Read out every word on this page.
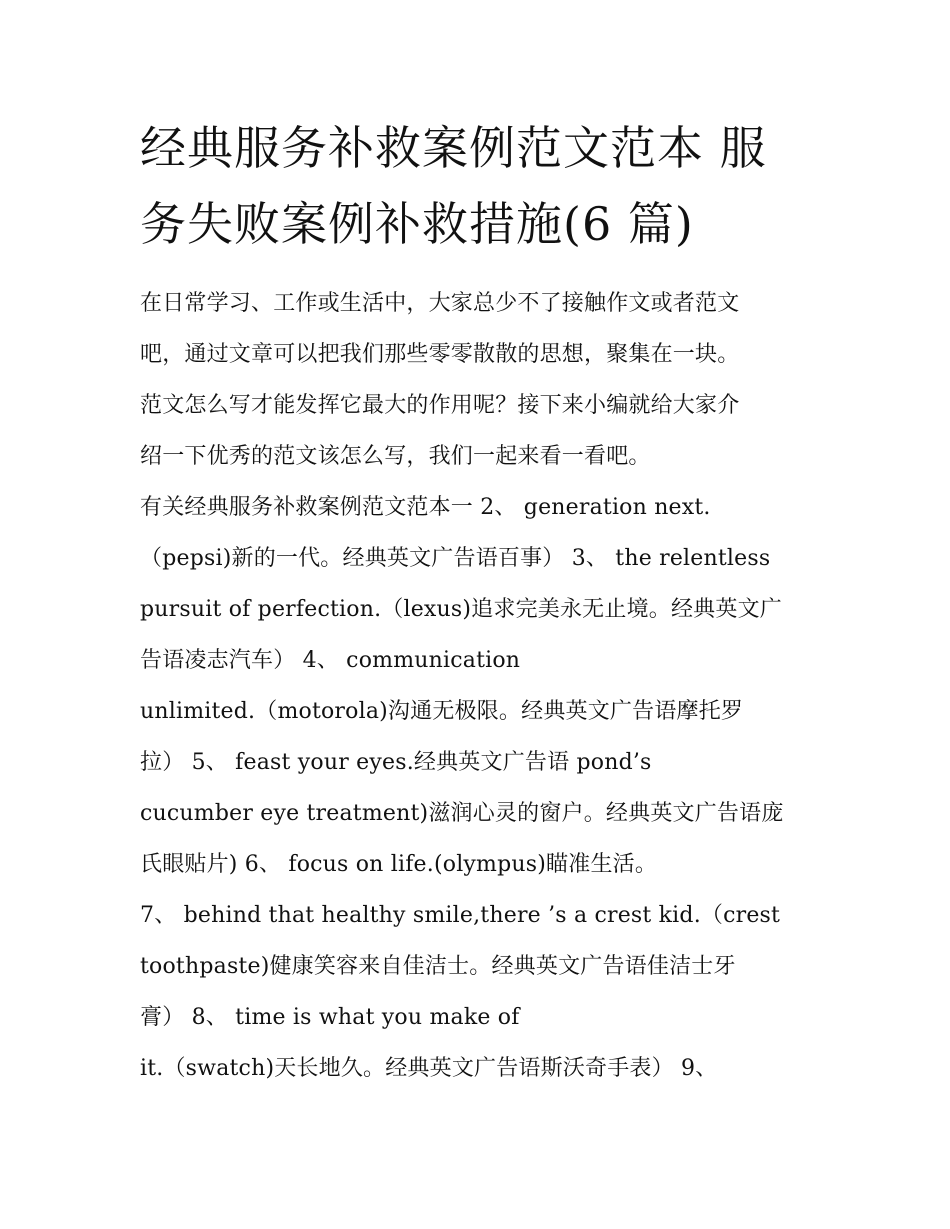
经典服务补救案例范文范本 服
务失败案例补救措施(6 篇)
在日常学习、工作或生活中，大家总少不了接触作文或者范文
吧，通过文章可以把我们那些零零散散的思想，聚集在一块。
范文怎么写才能发挥它最大的作用呢？接下来小编就给大家介
绍一下优秀的范文该怎么写，我们一起来看一看吧。
有关经典服务补救案例范文范本一 2、 generation next.
（pepsi)新的一代。经典英文广告语百事） 3、 the relentless
pursuit of perfection.（lexus)追求完美永无止境。经典英文广
告语凌志汽车） 4、 communication
unlimited.（motorola)沟通无极限。经典英文广告语摩托罗
拉） 5、 feast your eyes.经典英文广告语 pond’s
cucumber eye treatment)滋润心灵的窗户。经典英文广告语庞
氏眼贴片) 6、 focus on life.(olympus)瞄准生活。
7、 behind that healthy smile,there ’s a crest kid.（crest
toothpaste)健康笑容来自佳洁士。经典英文广告语佳洁士牙
膏） 8、 time is what you make of
it.（swatch)天长地久。经典英文广告语斯沃奇手表） 9、
